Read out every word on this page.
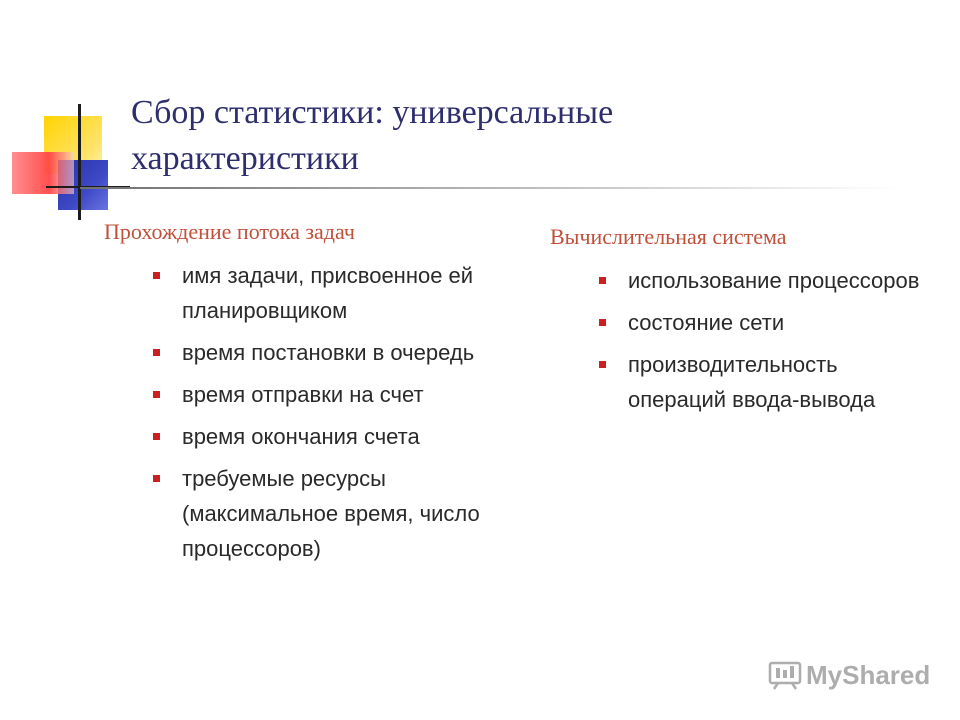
Сбор статистики: универсальные характеристики
Прохождение потока задач
имя задачи, присвоенное ей планировщиком
время постановки в очередь
время отправки на счет
время окончания счета
требуемые ресурсы (максимальное время, число процессоров)
Вычислительная система
использование процессоров
состояние сети
производительность операций ввода-вывода
MyShared
